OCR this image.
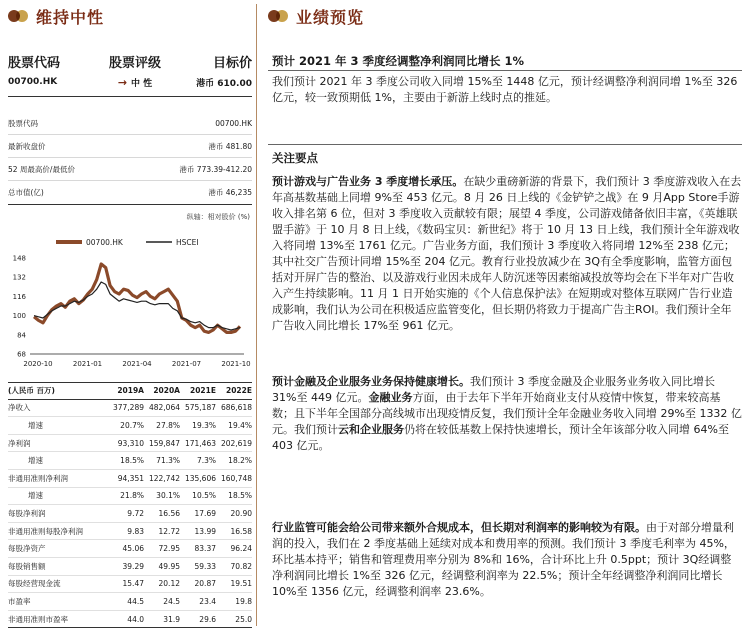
维持中性
股票代码	股票评级	目标价
00700.HK	→ 中 性	港币 610.00
股票代码	00700.HK
最新收盘价	港币 481.80
52 周最高价/最低价	港币 773.39-412.20
总市值(亿)	港币 46,235
纵轴：相对股价 (%)
00700.HK	HSCEI
68
84
100
116
132
148
2020-10	2021-01	2021-04	2021-07	2021-10
(人民币 百万)	2019A	2020A	2021E	2022E
净收入	377,289 482,064 575,187 686,618
增速	20.7%	27.8%	19.3%	19.4%
净利润	93,310 159,847 171,463 202,619
增速	18.5%	71.3%	7.3%	18.2%
非通用准则净利润	94,351 122,742 135,606 160,748
增速	21.8%	30.1%	10.5%	18.5%
每股净利润	9.72	16.56	17.69	20.90
非通用准则每股净利润	9.83	12.72	13.99	16.58
每股净资产	45.06	72.95	83.37	96.24
每股销售额	39.29	49.95	59.33	70.82
每股经营现金流	15.47	20.12	20.87	19.51
市盈率	44.5	24.5	23.4	19.8
非通用准则市盈率	44.0	31.9	29.6	25.0
业绩预览
预计 2021 年 3 季度经调整净利润同比增长 1%
我们预计 2021 年 3 季度公司收入同增 15%至 1448 亿元，预计经调整净利润同增 1%至 326 亿元，较一致预期低 1%，主要由于新游上线时点的推延。
关注要点
预计游戏与广告业务 3 季度增长承压。在缺少重磅新游的背景下，我们预计 3 季度游戏收入在去年高基数基础上同增 9%至 453 亿元。8 月 26 日上线的《金铲铲之战》在 9 月App Store手游收入排名第 6 位，但对 3 季度收入贡献较有限；展望 4 季度，公司游戏储备依旧丰富，《英雄联盟手游》于 10 月 8 日上线，《数码宝贝：新世纪》将于 10 月 13 日上线，我们预计全年游戏收入将同增 13%至 1761 亿元。广告业务方面，我们预计 3 季度收入将同增 12%至 238 亿元；其中社交广告预计同增 15%至 204 亿元。教育行业投放减少在 3Q有全季度影响，监管方面包括对开屏广告的整治、以及游戏行业因未成年人防沉迷等因素缩减投放等均会在下半年对广告收入产生持续影响。11 月 1 日开始实施的《个人信息保护法》在短期或对整体互联网广告行业造成影响，我们认为公司在积极适应监管变化，但长期仍将致力于提高广告主ROI。我们预计全年广告收入同比增长 17%至 961 亿元。
预计金融及企业服务业务保持健康增长。我们预计 3 季度金融及企业服务业务收入同比增长 31%至 449 亿元。金融业务方面，由于去年下半年开始商业支付从疫情中恢复，带来较高基数；且下半年全国部分高线城市出现疫情反复，我们预计全年金融业务收入同增 29%至 1332 亿元。我们预计云和企业服务仍将在较低基数上保持快速增长，预计全年该部分收入同增 64%至 403 亿元。
行业监管可能会给公司带来额外合规成本，但长期对利润率的影响较为有限。由于对部分增量利润的投入，我们在 2 季度基础上延续对成本和费用率的预测。我们预计 3 季度毛利率为 45%，环比基本持平；销售和管理费用率分别为 8%和 16%，合计环比上升 0.5ppt；预计 3Q经调整净利润同比增长 1%至 326 亿元，经调整利润率为 22.5%；预计全年经调整净利润同比增长 10%至 1356 亿元，经调整利润率 23.6%。
